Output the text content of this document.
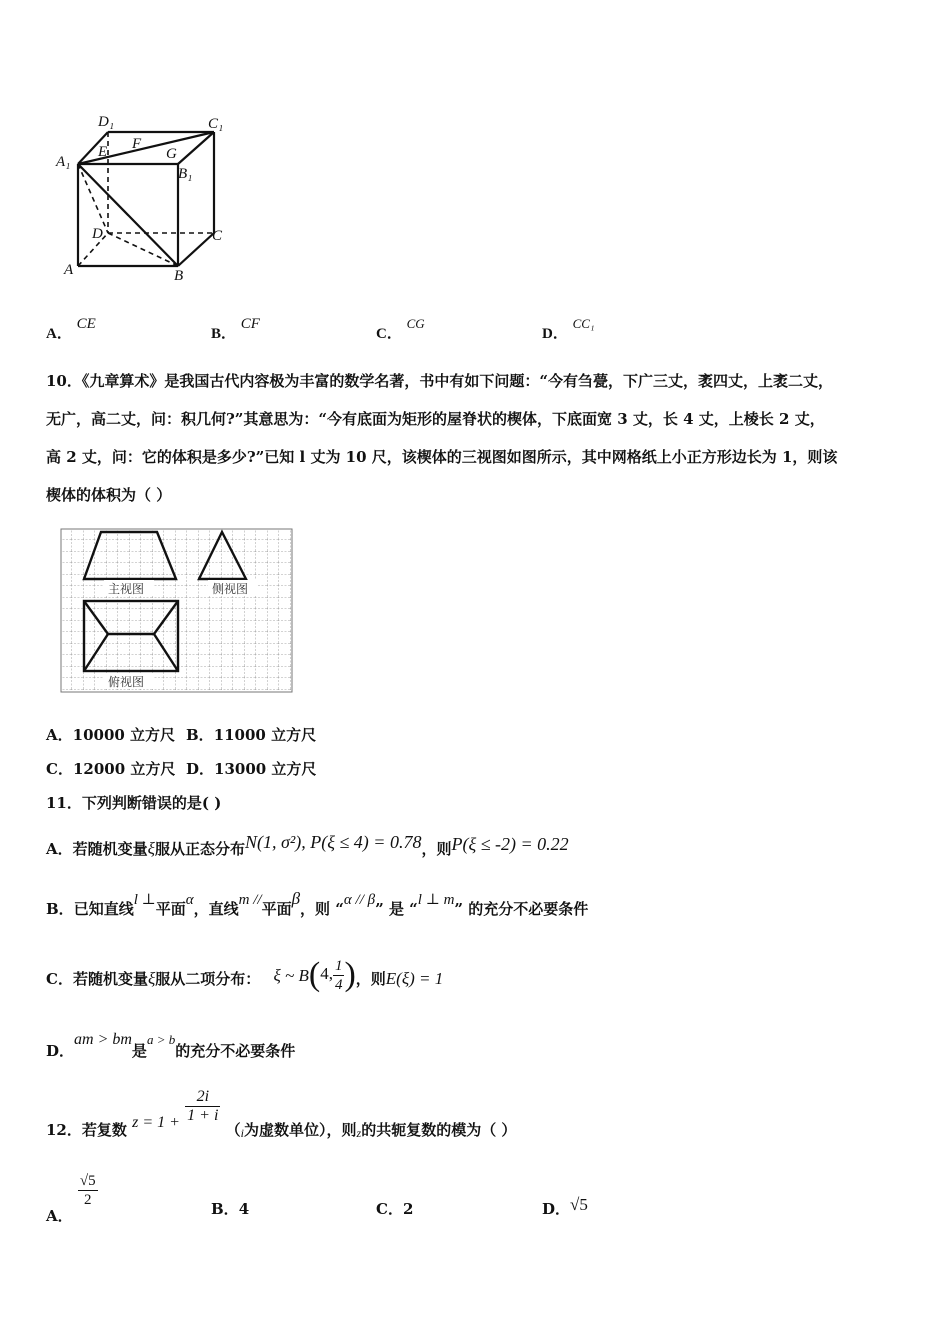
D₁	C₁
A₁
E F
G
B₁
D	C
A	B
A． CE
B． CF
C． CG
D． CC₁
10．《九章算术》是我国古代内容极为丰富的数学名著，书中有如下问题：“今有刍甍，下广三丈，袤四丈，上袤二丈，
无广，高二丈，问：积几何?”其意思为：“今有底面为矩形的屋脊状的楔体，下底面宽 3 丈，长 4 丈，上棱长 2 丈，
高 2 丈，问：它的体积是多少?”已知 l 丈为 10 尺，该楔体的三视图如图所示，其中网格纸上小正方形边长为 1，则该
楔体的体积为（ ）
主视图	侧视图
俯视图
A．10000 立方尺 B．11000 立方尺
C．12000 立方尺 D．13000 立方尺
11．下列判断错误的是( )
A．若随机变量ξ服从正态分布N(1, σ²), P(ξ ≤ 4) = 0.78，则P(ξ ≤ -2) = 0.22
B．已知直线l ⊥平面α，直线m //平面β，则 “α // β” 是 “l ⊥ m” 的充分不必要条件
C．若随机变量ξ服从二项分布： ξ ~ B(4, $\frac{1}{4}$ )，则E(ξ) = 1
D．am > bm是a > b的充分不必要条件
12．若复数 $z = 1 + \frac{2i}{1 + i}$
（$_i$为虚数单位），则$_z$的共轭复数的模为（ ）
A．
$\frac{√5}{2}$	B．4	C．2	D．√5
